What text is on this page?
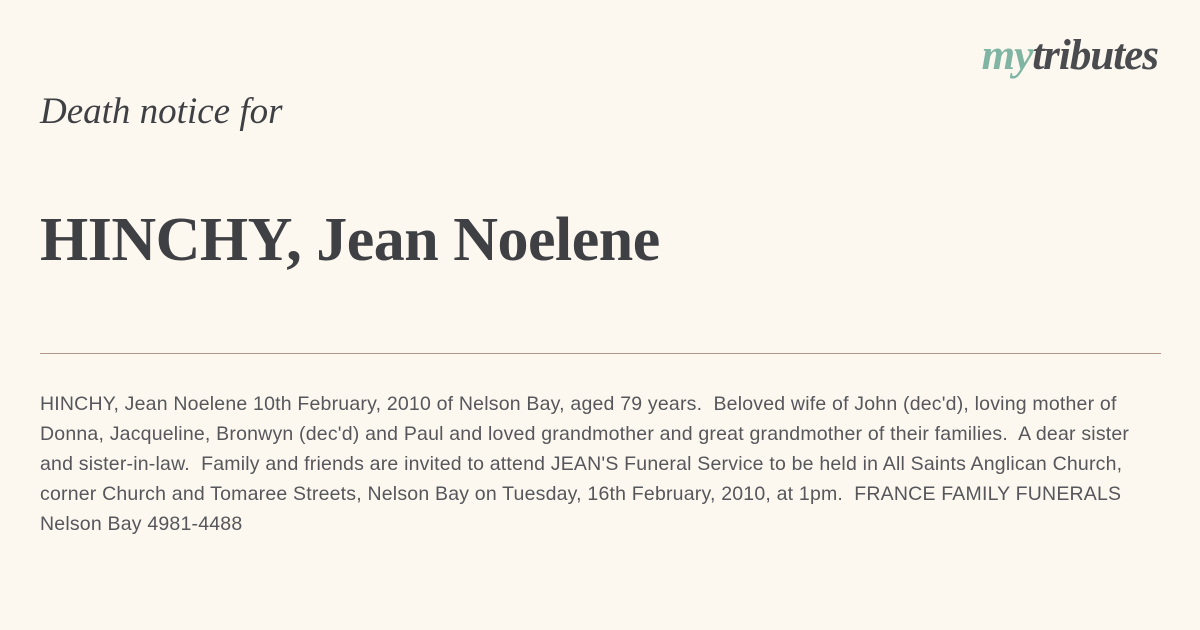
mytributes
Death notice for
HINCHY, Jean Noelene

HINCHY, Jean Noelene 10th February, 2010 of Nelson Bay, aged 79 years.  Beloved wife of John (dec'd), loving mother of Donna, Jacqueline, Bronwyn (dec'd) and Paul and loved grandmother and great grandmother of their families.  A dear sister and sister-in-law.  Family and friends are invited to attend JEAN'S Funeral Service to be held in All Saints Anglican Church, corner Church and Tomaree Streets, Nelson Bay on Tuesday, 16th February, 2010, at 1pm.  FRANCE FAMILY FUNERALS Nelson Bay 4981-4488
